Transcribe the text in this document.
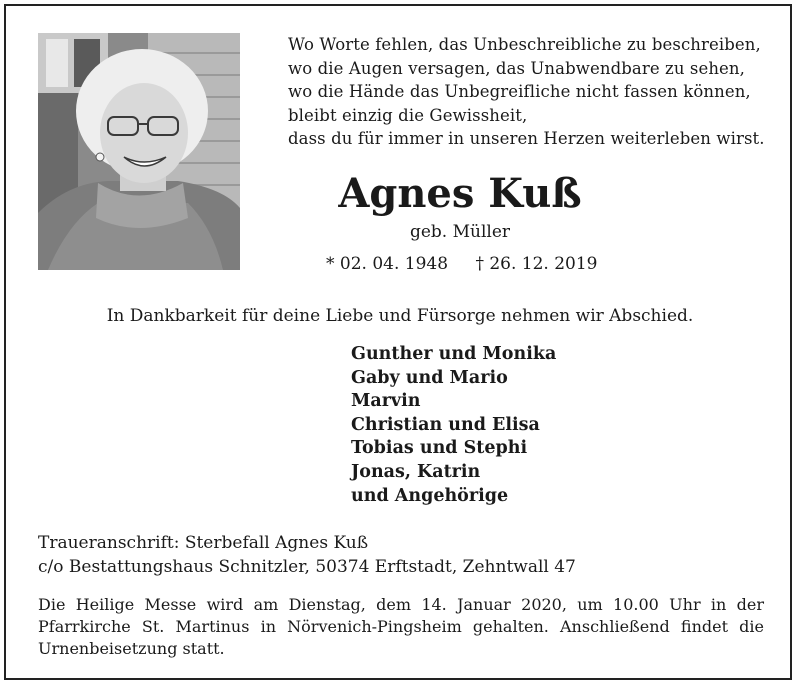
Wo Worte fehlen, das Unbeschreibliche zu beschreiben,
wo die Augen versagen, das Unabwendbare zu sehen,
wo die Hände das Unbegreifliche nicht fassen können,
bleibt einzig die Gewissheit,
dass du für immer in unseren Herzen weiterleben wirst.
Agnes Kuß
geb. Müller
* 02. 04. 1948 † 26. 12. 2019
In Dankbarkeit für deine Liebe und Fürsorge nehmen wir Abschied.
Gunther und Monika
Gaby und Mario
Marvin
Christian und Elisa
Tobias und Stephi
Jonas, Katrin
und Angehörige
Traueranschrift: Sterbefall Agnes Kuß
c/o Bestattungshaus Schnitzler, 50374 Erftstadt, Zehntwall 47
Die Heilige Messe wird am Dienstag, dem 14. Januar 2020, um 10.00 Uhr in der Pfarrkirche St. Martinus in Nörvenich-Pingsheim gehalten. Anschließend findet die Urnenbeisetzung statt.
